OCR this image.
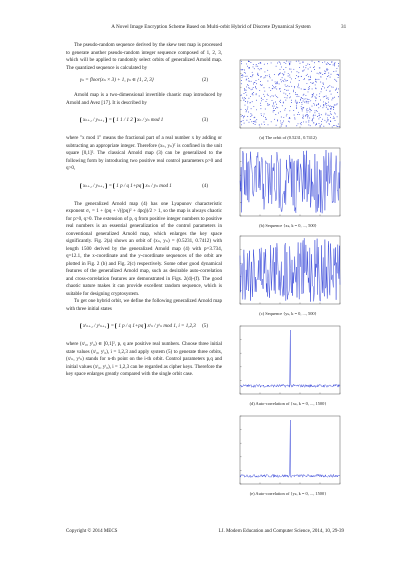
A Novel Image Encryption Scheme Based on Multi-orbit Hybrid of Discrete Dynamical System	31

The pseudo-random sequence derived by the skew tent map is processed to generate another pseudo-random integer sequence composed of 1, 2, 3, which will be applied to randomly select orbits of generalized Arnold map. The quantized sequence is calculated by

γₙ = floor(xₙ × 3) + 1, γₙ ∈ {1, 2, 3}	(2)

Arnold map is a two-dimensional invertible chaotic map introduced by Arnold and Avez [17]. It is described by

xₙ₊₁ / yₙ₊₁ = 1 1 / 1 2 xₙ / yₙ mod 1	(3)

where "x mod 1" means the fractional part of a real number x by adding or subtracting an appropriate integer. Therefore (xₙ, yₙ)ᵀ is confined in the unit square [0,1]². The classical Arnold map (3) can be generalized to the following form by introducing two positive real control parameters p>0 and q>0,

xₙ₊₁ / yₙ₊₁ = 1 p / q 1+pq xₙ / yₙ mod 1	(4)

The generalized Arnold map (4) has one Lyapunov characteristic exponent σ₁ = 1 + (pq + √((pq)² + 4pq))/2 > 1, so the map is always chaotic for p>0, q>0. The extension of p, q from positive integer numbers to positive real numbers is an essential generalization of the control parameters in conventional generalized Arnold map, which enlarges the key space significantly. Fig. 2(a) shows an orbit of (xₙ, yₙ) = (0.5231, 0.7412) with length 1500 derived by the generalized Arnold map (4) with p=3.734, q=12.1, the x-coordinate and the y-coordinate sequences of the orbit are plotted in Fig. 2 (b) and Fig. 2(c) respectively. Some other good dynamical features of the generalized Arnold map, such as desirable auto-correlation and cross-correlation features are demonstrated in Figs. 2(d)-(f). The good chaotic nature makes it can provide excellent random sequence, which is suitable for designing cryptosystem.

To get one hybrid orbit, we define the following generalized Arnold map with three initial states

xⁱₙ₊₁ / yⁱₙ₊₁ = 1 p / q 1+pq xⁱₙ / yⁱₙ mod 1, i = 1,2,3 (5)

where (xⁱ₀, yⁱ₀) ∈ [0,1]², p, q are positive real numbers. Choose three initial state values (xⁱ₀, yⁱ₀), i = 1,2,3 and apply system (5) to generate three orbits, (xⁱₙ, yⁱₙ) stands for n-th point on the i-th orbit. Control parameters p,q and initial values (xⁱ₀, yⁱ₀), i = 1,2,3 can be regarded as cipher keys. Therefore the key space enlarges greatly compared with the single orbit case.

(a) The orbit of (0.5231, 0.7412)
(b) Sequence {xₖ, k = 0, ..., 500}
(c) Sequence {yₖ, k = 0, ..., 500}
(d) Auto-correlation of {xₖ, k = 0, ..., 1500}
(e) Auto-correlation of {yₖ, k = 0, ..., 1500}
Copyright © 2014 MECS	I.J. Modern Education and Computer Science, 2014, 10, 29-39
